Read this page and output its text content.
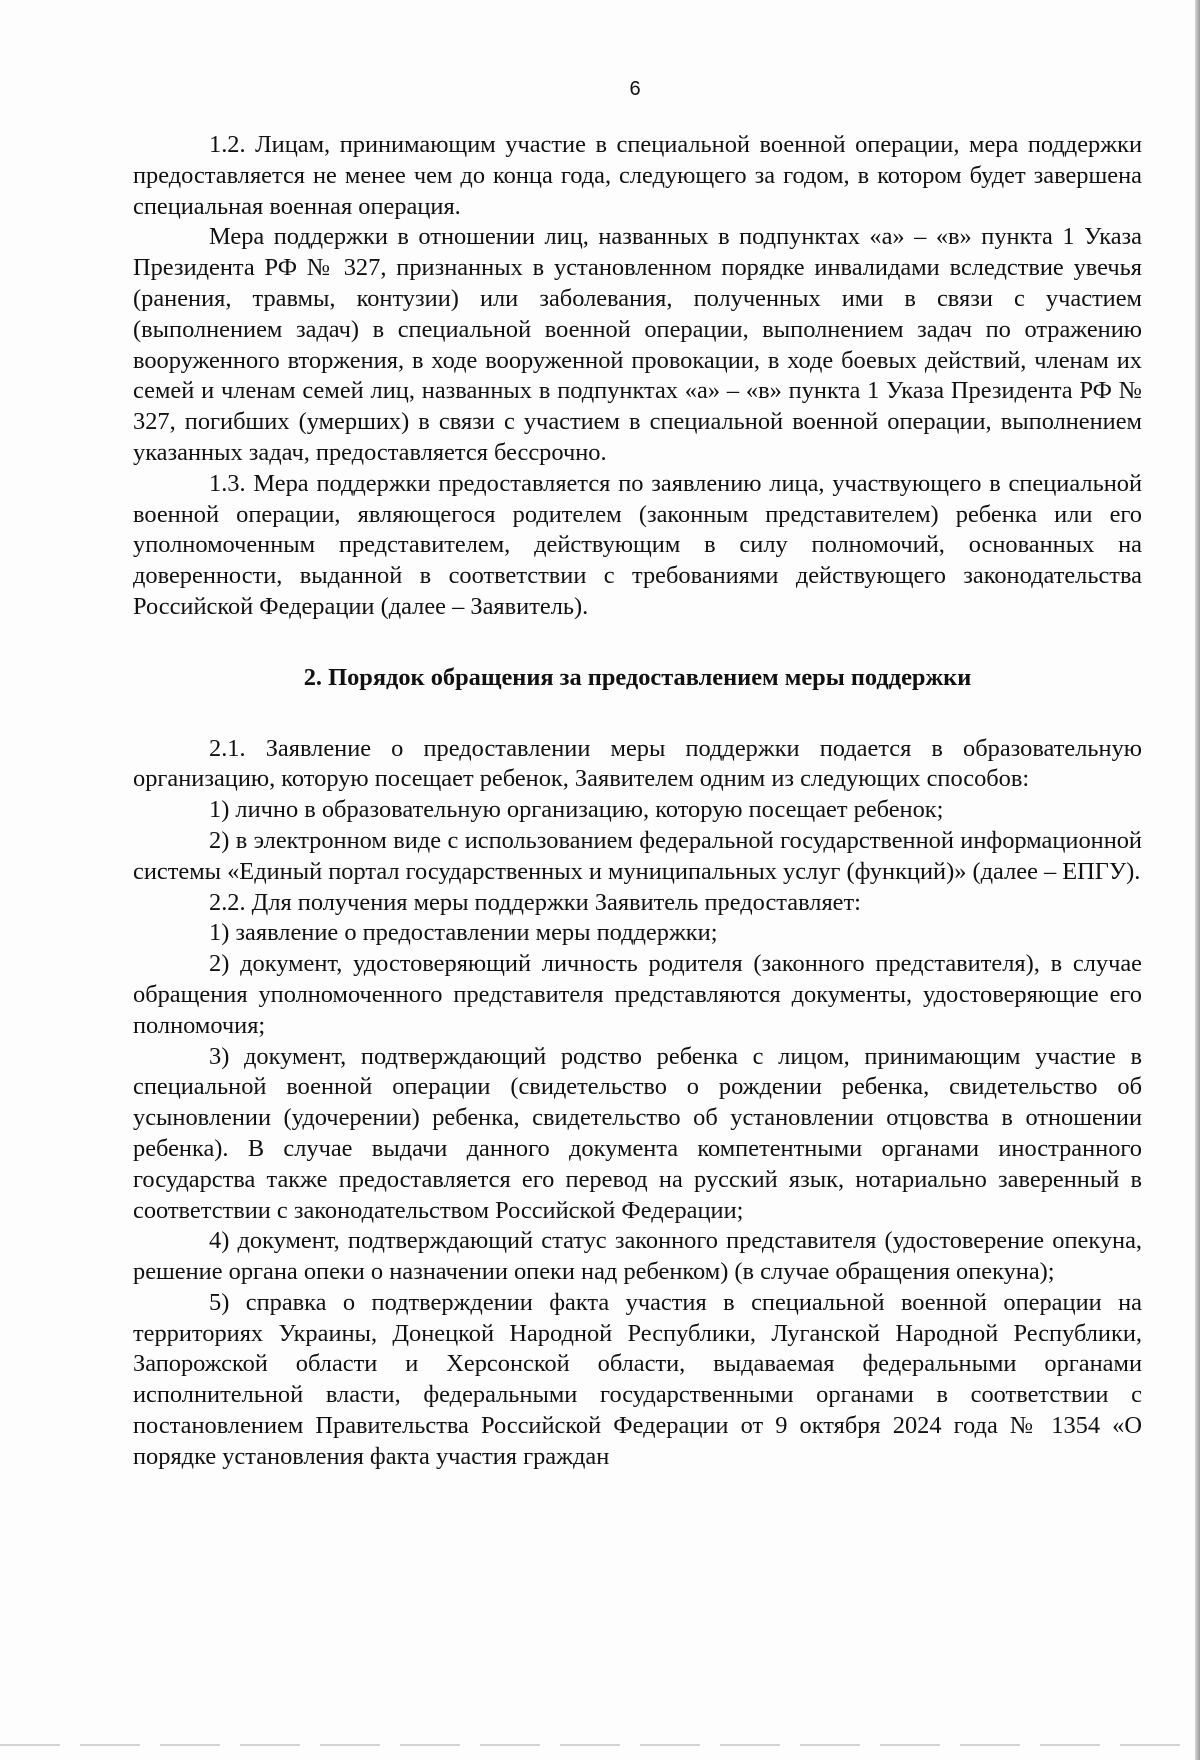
6

1.2. Лицам, принимающим участие в специальной военной операции, мера поддержки предоставляется не менее чем до конца года, следующего за годом, в котором будет завершена специальная военная операция.

Мера поддержки в отношении лиц, названных в подпунктах «а» – «в» пункта 1 Указа Президента РФ № 327, признанных в установленном порядке инвалидами вследствие увечья (ранения, травмы, контузии) или заболевания, полученных ими в связи с участием (выполнением задач) в специальной военной операции, выполнением задач по отражению вооруженного вторжения, в ходе вооруженной провокации, в ходе боевых действий, членам их семей и членам семей лиц, названных в подпунктах «а» – «в» пункта 1 Указа Президента РФ № 327, погибших (умерших) в связи с участием в специальной военной операции, выполнением указанных задач, предоставляется бессрочно.

1.3. Мера поддержки предоставляется по заявлению лица, участвующего в специальной военной операции, являющегося родителем (законным представителем) ребенка или его уполномоченным представителем, действующим в силу полномочий, основанных на доверенности, выданной в соответствии с требованиями действующего законодательства Российской Федерации (далее – Заявитель).

2. Порядок обращения за предоставлением меры поддержки

2.1. Заявление о предоставлении меры поддержки подается в образовательную организацию, которую посещает ребенок, Заявителем одним из следующих способов:

1) лично в образовательную организацию, которую посещает ребенок;

2) в электронном виде с использованием федеральной государственной информационной системы «Единый портал государственных и муниципальных услуг (функций)» (далее – ЕПГУ).

2.2. Для получения меры поддержки Заявитель предоставляет:

1) заявление о предоставлении меры поддержки;

2) документ, удостоверяющий личность родителя (законного представителя), в случае обращения уполномоченного представителя представляются документы, удостоверяющие его полномочия;

3) документ, подтверждающий родство ребенка с лицом, принимающим участие в специальной военной операции (свидетельство о рождении ребенка, свидетельство об усыновлении (удочерении) ребенка, свидетельство об установлении отцовства в отношении ребенка). В случае выдачи данного документа компетентными органами иностранного государства также предоставляется его перевод на русский язык, нотариально заверенный в соответствии с законодательством Российской Федерации;

4) документ, подтверждающий статус законного представителя (удостоверение опекуна, решение органа опеки о назначении опеки над ребенком) (в случае обращения опекуна);

5) справка о подтверждении факта участия в специальной военной операции на территориях Украины, Донецкой Народной Республики, Луганской Народной Республики, Запорожской области и Херсонской области, выдаваемая федеральными органами исполнительной власти, федеральными государственными органами в соответствии с постановлением Правительства Российской Федерации от 9 октября 2024 года № 1354 «О порядке установления факта участия граждан
